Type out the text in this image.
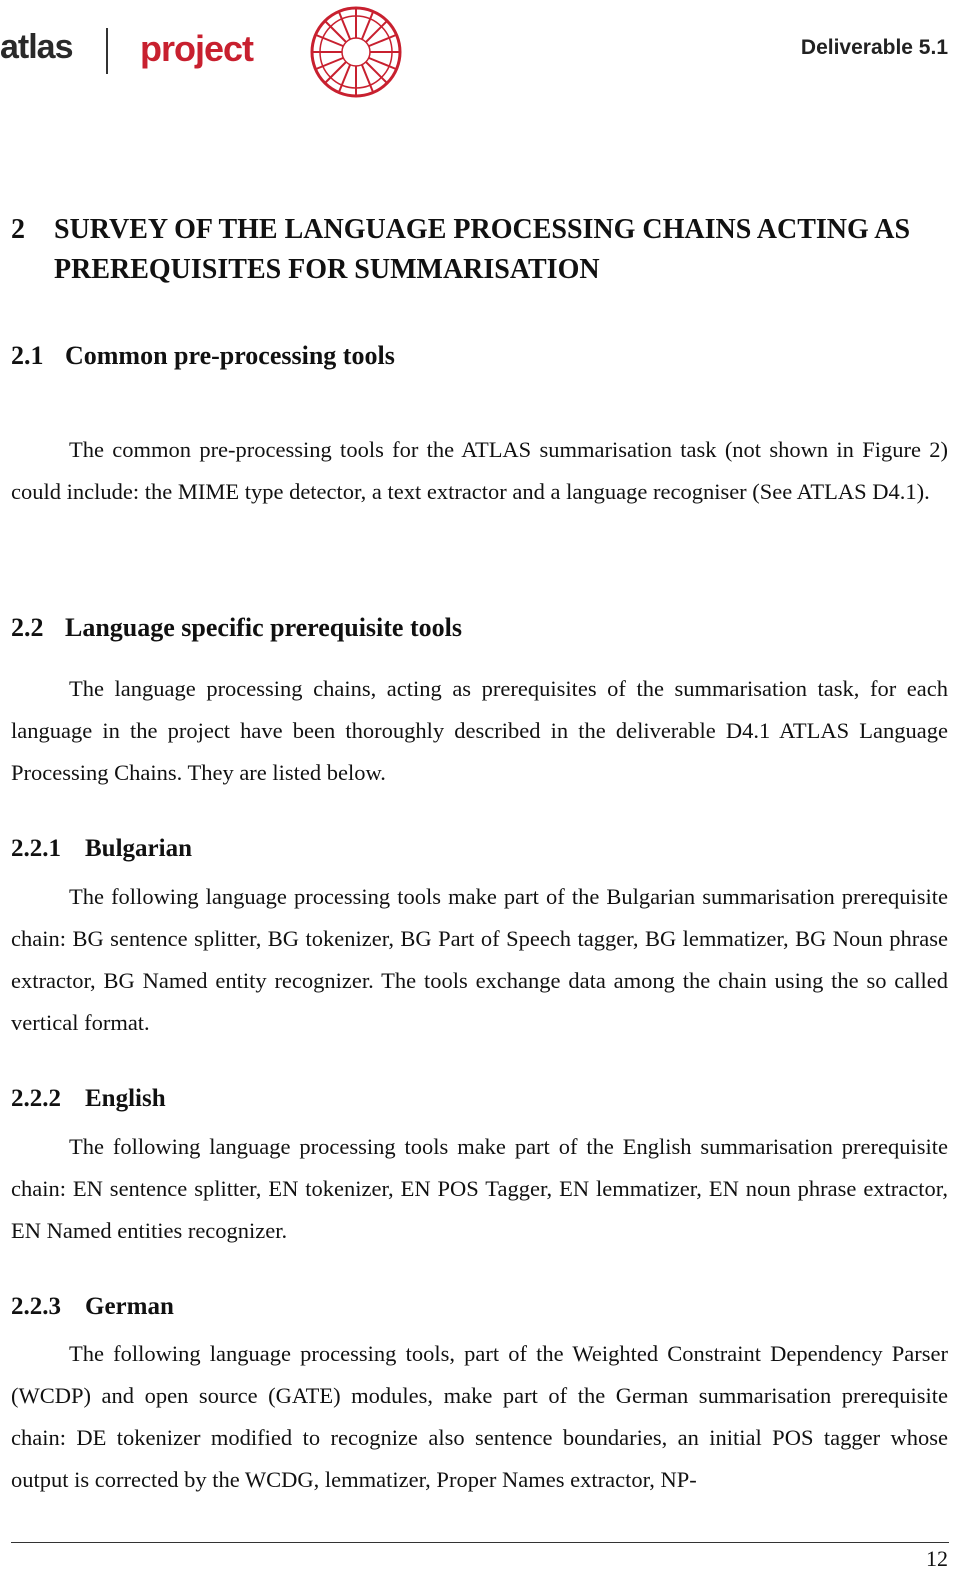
atlas project	Deliverable 5.1
2 SURVEY OF THE LANGUAGE PROCESSING CHAINS ACTING AS PREREQUISITES FOR SUMMARISATION
2.1 Common pre-processing tools
The common pre-processing tools for the ATLAS summarisation task (not shown in Figure 2) could include: the MIME type detector, a text extractor and a language recogniser (See ATLAS D4.1).
2.2 Language specific prerequisite tools
The language processing chains, acting as prerequisites of the summarisation task, for each language in the project have been thoroughly described in the deliverable D4.1 ATLAS Language Processing Chains. They are listed below.
2.2.1 Bulgarian
The following language processing tools make part of the Bulgarian summarisation prerequisite chain: BG sentence splitter, BG tokenizer, BG Part of Speech tagger, BG lemmatizer, BG Noun phrase extractor, BG Named entity recognizer. The tools exchange data among the chain using the so called vertical format.
2.2.2 English
The following language processing tools make part of the English summarisation prerequisite chain: EN sentence splitter, EN tokenizer, EN POS Tagger, EN lemmatizer, EN noun phrase extractor, EN Named entities recognizer.
2.2.3 German
The following language processing tools, part of the Weighted Constraint Dependency Parser (WCDP) and open source (GATE) modules, make part of the German summarisation prerequisite chain: DE tokenizer modified to recognize also sentence boundaries, an initial POS tagger whose output is corrected by the WCDG, lemmatizer, Proper Names extractor, NP-
12
